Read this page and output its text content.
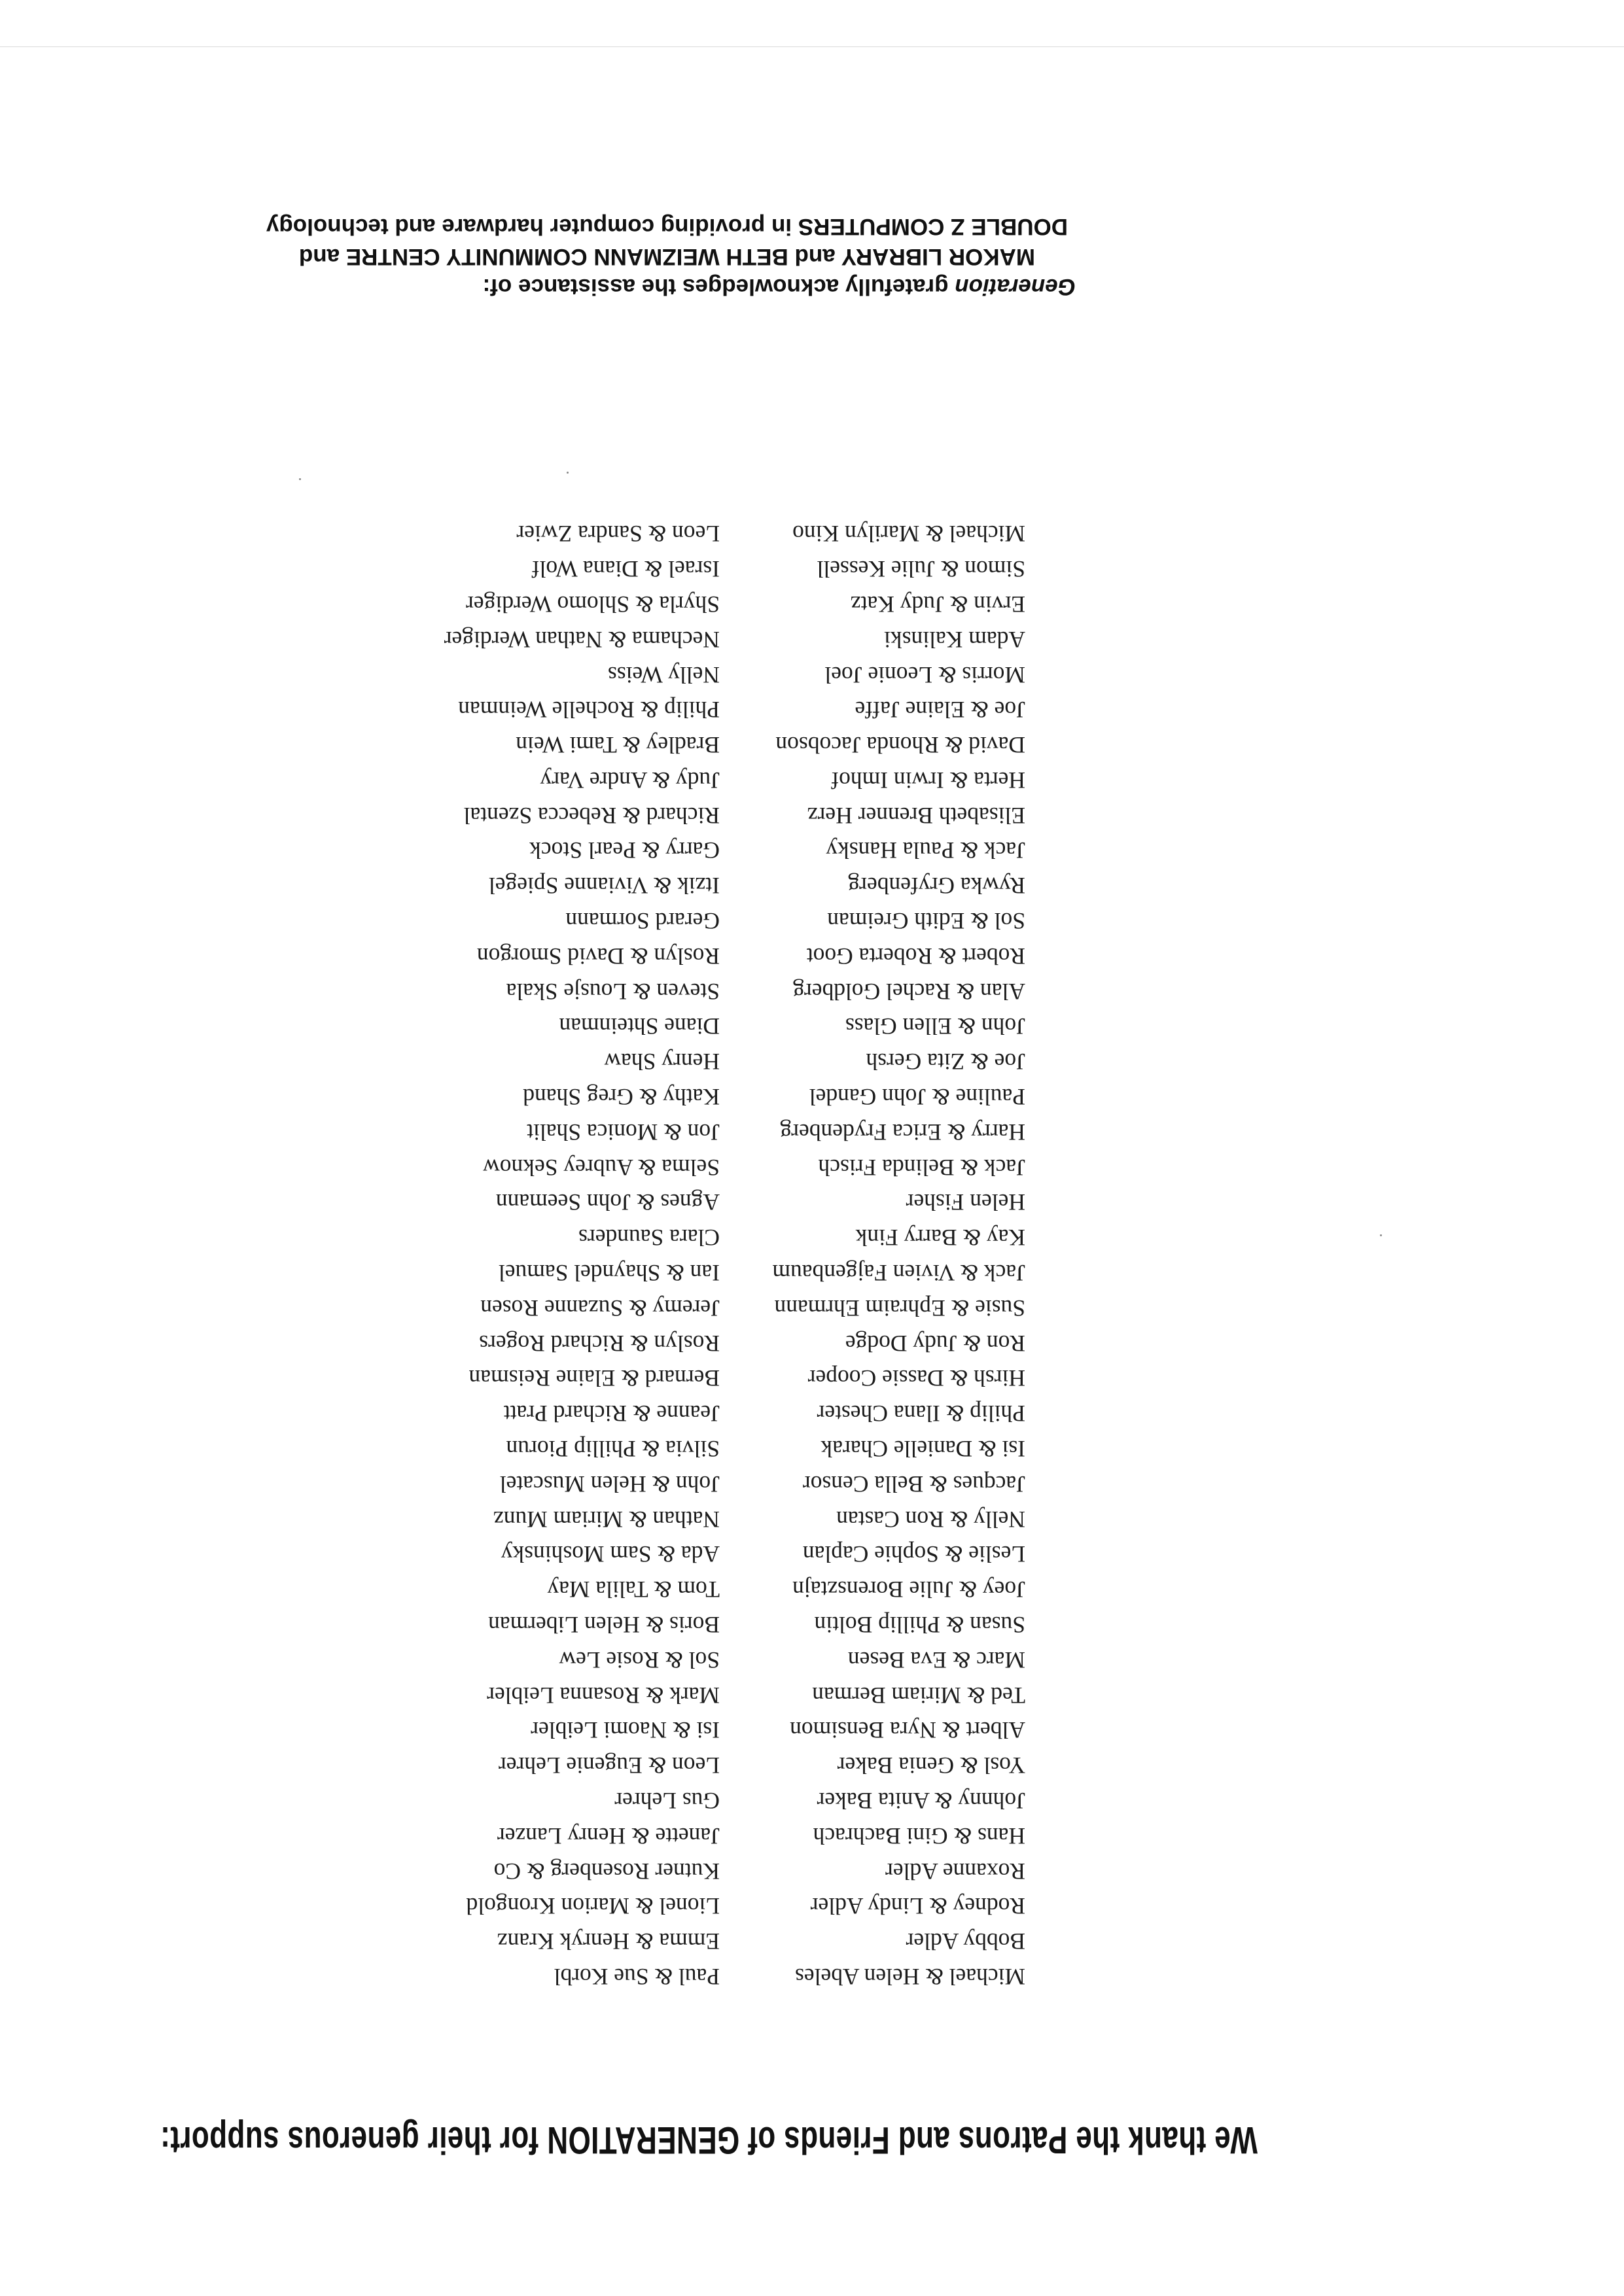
We thank the Patrons and Friends of GENERATION for their generous support:
Michael & Helen Abeles
Bobby Adler
Rodney & Lindy Adler
Roxanne Adler
Hans & Gini Bachrach
Johnny & Anita Baker
Yosl & Genia Baker
Albert & Nyra Bensimon
Ted & Miriam Berman
Marc & Eva Besen
Susan & Phillip Boltin
Joey & Julie Borensztajn
Leslie & Sophie Caplan
Nelly & Ron Castan
Jacques & Bella Censor
Isi & Danielle Charak
Philip & Ilana Chester
Hirsh & Dassie Cooper
Ron & Judy Dodge
Susie & Ephraim Ehrmann
Jack & Vivien Fajgenbaum
Kay & Barry Fink
Helen Fisher
Jack & Belinda Frisch
Harry & Erica Frydenberg
Pauline & John Gandel
Joe & Zita Gersh
John & Ellen Glass
Alan & Rachel Goldberg
Robert & Roberta Goot
Sol & Edith Greiman
Rywka Gryfenberg
Jack & Paula Hansky
Elisabeth Brenner Herz
Herta & Irwin Imhof
David & Rhonda Jacobson
Joe & Elaine Jaffe
Morris & Leonie Joel
Adam Kalinski
Ervin & Judy Katz
Simon & Julie Kessell
Michael & Marilyn Kino
Paul & Sue Korbl
Emma & Henryk Kranz
Lionel & Marion Krongold
Kutner Rosenberg & Co
Janette & Henry Lanzer
Gus Lehrer
Leon & Eugenie Lehrer
Isi & Naomi Leibler
Mark & Rosanna Leibler
Sol & Rosie Lew
Boris & Helen Liberman
Tom & Talila May
Ada & Sam Moshinsky
Nathan & Miriam Munz
John & Helen Muscatel
Silvia & Phillip Piorun
Jeanne & Richard Pratt
Bernard & Elaine Reisman
Roslyn & Richard Rogers
Jeremy & Suzanne Rosen
Ian & Shayndel Samuel
Clara Saunders
Agnes & John Seemann
Selma & Aubrey Seknow
Jon & Monica Shalit
Kathy & Greg Shand
Henry Shaw
Diane Shteinman
Steven & Lousje Skala
Roslyn & David Smorgon
Gerard Sormann
Itzik & Vivianne Spiegel
Garry & Pearl Stock
Richard & Rebecca Szental
Judy & Andre Vary
Bradley & Tami Wein
Philip & Rochelle Weinman
Nelly Weiss
Nechama & Nathan Werdiger
Shyrla & Shlomo Werdiger
Israel & Diana Wolf
Leon & Sandra Zwier

Generation gratefully acknowledges the assistance of:

MAKOR LIBRARY and BETH WEIZMANN COMMUNITY CENTRE and

DOUBLE Z COMPUTERS in providing computer hardware and technology
